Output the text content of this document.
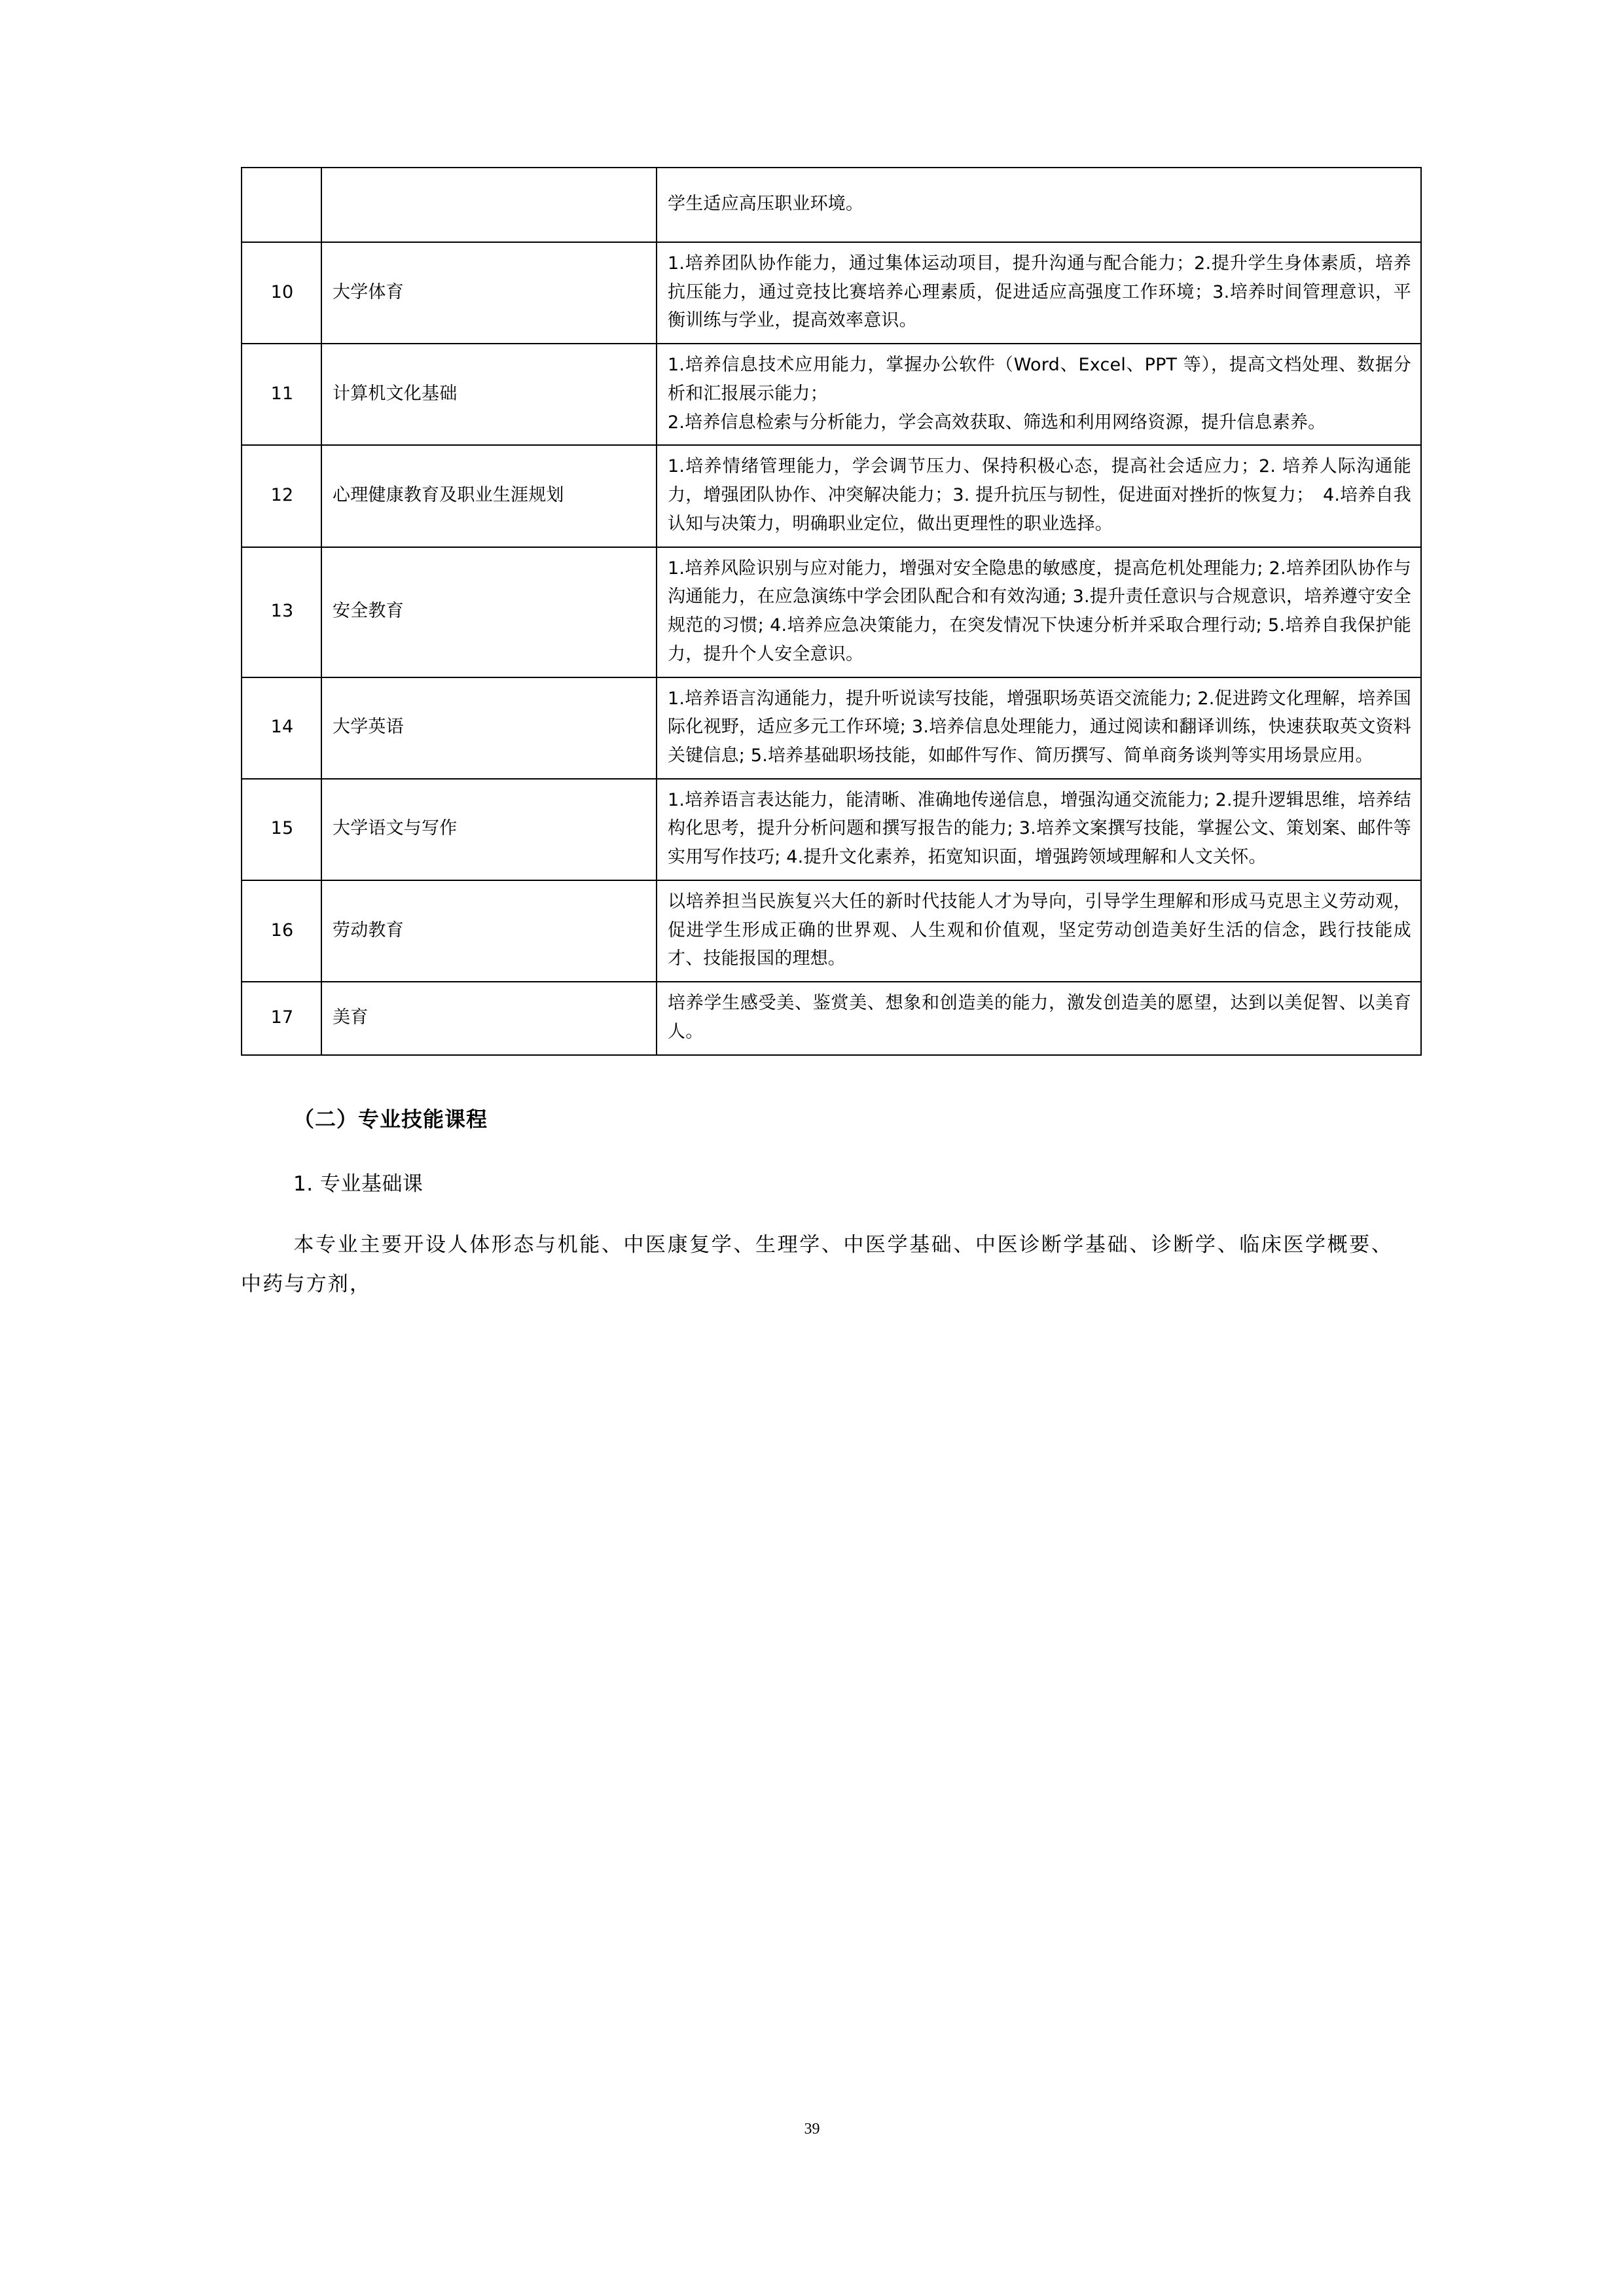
		学生适应高压职业环境。
10	大学体育	1.培养团队协作能力，通过集体运动项目，提升沟通与配合能力；2.提升学生身体素质，培养抗压能力，通过竞技比赛培养心理素质，促进适应高强度工作环境；3.培养时间管理意识，平衡训练与学业，提高效率意识。
11	计算机文化基础	1.培养信息技术应用能力，掌握办公软件（Word、Excel、PPT 等），提高文档处理、数据分析和汇报展示能力；
2.培养信息检索与分析能力，学会高效获取、筛选和利用网络资源，提升信息素养。

12	心理健康教育及职业生涯规划	1.培养情绪管理能力，学会调节压力、保持积极心态，提高社会适应力；2. 培养人际沟通能力，增强团队协作、冲突解决能力；3. 提升抗压与韧性，促进面对挫折的恢复力；　4.培养自我认知与决策力，明确职业定位，做出更理性的职业选择。
13	安全教育	1.培养风险识别与应对能力，增强对安全隐患的敏感度，提高危机处理能力; 2.培养团队协作与沟通能力，在应急演练中学会团队配合和有效沟通; 3.提升责任意识与合规意识，培养遵守安全规范的习惯; 4.培养应急决策能力，在突发情况下快速分析并采取合理行动; 5.培养自我保护能力，提升个人安全意识。
14	大学英语	1.培养语言沟通能力，提升听说读写技能，增强职场英语交流能力; 2.促进跨文化理解，培养国际化视野，适应多元工作环境; 3.培养信息处理能力，通过阅读和翻译训练，快速获取英文资料关键信息; 5.培养基础职场技能，如邮件写作、简历撰写、简单商务谈判等实用场景应用。
15	大学语文与写作	1.培养语言表达能力，能清晰、准确地传递信息，增强沟通交流能力; 2.提升逻辑思维，培养结构化思考，提升分析问题和撰写报告的能力; 3.培养文案撰写技能，掌握公文、策划案、邮件等实用写作技巧; 4.提升文化素养，拓宽知识面，增强跨领域理解和人文关怀。
16	劳动教育	以培养担当民族复兴大任的新时代技能人才为导向，引导学生理解和形成马克思主义劳动观，促进学生形成正确的世界观、人生观和价值观，坚定劳动创造美好生活的信念，践行技能成才、技能报国的理想。
17	美育	培养学生感受美、鉴赏美、想象和创造美的能力，激发创造美的愿望，达到以美促智、以美育人。
（二）专业技能课程
1. 专业基础课
本专业主要开设人体形态与机能、中医康复学、生理学、中医学基础、中医诊断学基础、诊断学、临床医学概要、中药与方剂，
39
